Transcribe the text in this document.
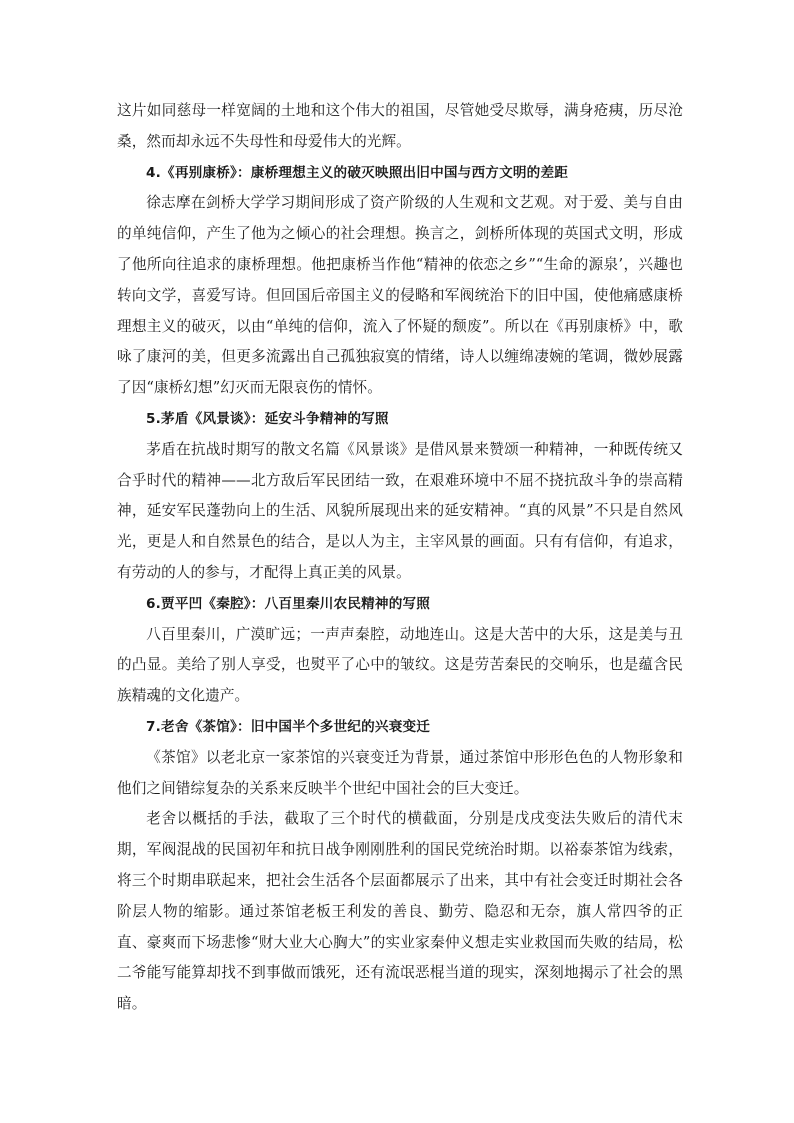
这片如同慈母一样宽阔的土地和这个伟大的祖国，尽管她受尽欺辱，满身疮痍，历尽沧桑，然而却永远不失母性和母爱伟大的光辉。

4.《再别康桥》：康桥理想主义的破灭映照出旧中国与西方文明的差距

徐志摩在剑桥大学学习期间形成了资产阶级的人生观和文艺观。对于爱、美与自由的单纯信仰，产生了他为之倾心的社会理想。换言之，剑桥所体现的英国式文明，形成了他所向往追求的康桥理想。他把康桥当作他“精神的依恋之乡”“生命的源泉’，兴趣也转向文学，喜爱写诗。但回国后帝国主义的侵略和军阀统治下的旧中国，使他痛感康桥理想主义的破灭，以由“单纯的信仰，流入了怀疑的颓废”。所以在《再别康桥》中，歌咏了康河的美，但更多流露出自己孤独寂寞的情绪，诗人以缠绵凄婉的笔调，微妙展露了因“康桥幻想”幻灭而无限哀伤的情怀。

5.茅盾《风景谈》：延安斗争精神的写照

茅盾在抗战时期写的散文名篇《风景谈》是借风景来赞颂一种精神，一种既传统又合乎时代的精神——北方敌后军民团结一致，在艰难环境中不屈不挠抗敌斗争的崇高精神，延安军民蓬勃向上的生活、风貌所展现出来的延安精神。“真的风景”不只是自然风光，更是人和自然景色的结合，是以人为主，主宰风景的画面。只有有信仰，有追求，有劳动的人的参与，才配得上真正美的风景。

6.贾平凹《秦腔》：八百里秦川农民精神的写照

八百里秦川，广漠旷远；一声声秦腔，动地连山。这是大苦中的大乐，这是美与丑的凸显。美给了别人享受，也熨平了心中的皱纹。这是劳苦秦民的交响乐，也是蕴含民族精魂的文化遗产。

7.老舍《茶馆》：旧中国半个多世纪的兴衰变迁

《茶馆》以老北京一家茶馆的兴衰变迁为背景，通过茶馆中形形色色的人物形象和他们之间错综复杂的关系来反映半个世纪中国社会的巨大变迁。

老舍以概括的手法，截取了三个时代的横截面，分别是戊戌变法失败后的清代末期，军阀混战的民国初年和抗日战争刚刚胜利的国民党统治时期。以裕泰茶馆为线索，将三个时期串联起来，把社会生活各个层面都展示了出来，其中有社会变迁时期社会各阶层人物的缩影。通过茶馆老板王利发的善良、勤劳、隐忍和无奈，旗人常四爷的正直、豪爽而下场悲惨“财大业大心胸大”的实业家秦仲义想走实业救国而失败的结局，松二爷能写能算却找不到事做而饿死，还有流氓恶棍当道的现实，深刻地揭示了社会的黑暗。
